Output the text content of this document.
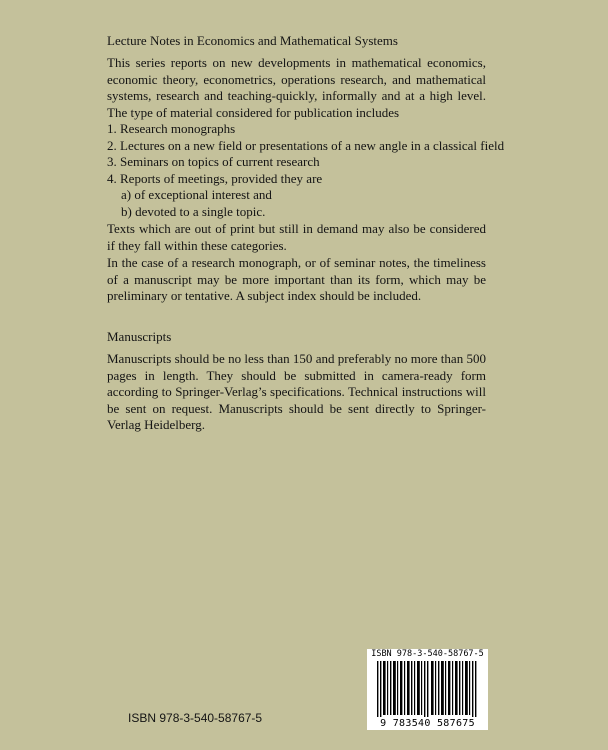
Lecture Notes in Economics and Mathematical Systems

This series reports on new developments in mathematical economics, economic theory, econometrics, operations research, and mathematical systems, research and teaching-quickly, informally and at a high level. The type of material considered for publication includes

1. Research monographs
2. Lectures on a new field or presentations of a new angle in a classical field
3. Seminars on topics of current research
4. Reports of meetings, provided they are
a) of exceptional interest and
b) devoted to a single topic.

Texts which are out of print but still in demand may also be considered if they fall within these categories.

In the case of a research monograph, or of seminar notes, the timeliness of a manuscript may be more important than its form, which may be preliminary or tentative. A subject index should be included.

Manuscripts

Manuscripts should be no less than 150 and preferably no more than 500 pages in length. They should be submitted in camera-ready form according to Springer-Verlag’s specifications. Technical instructions will be sent on request. Manuscripts should be sent directly to Springer-Verlag Heidelberg.

ISBN 978-3-540-58767-5
9 783540 587675
ISBN 978-3-540-58767-5
